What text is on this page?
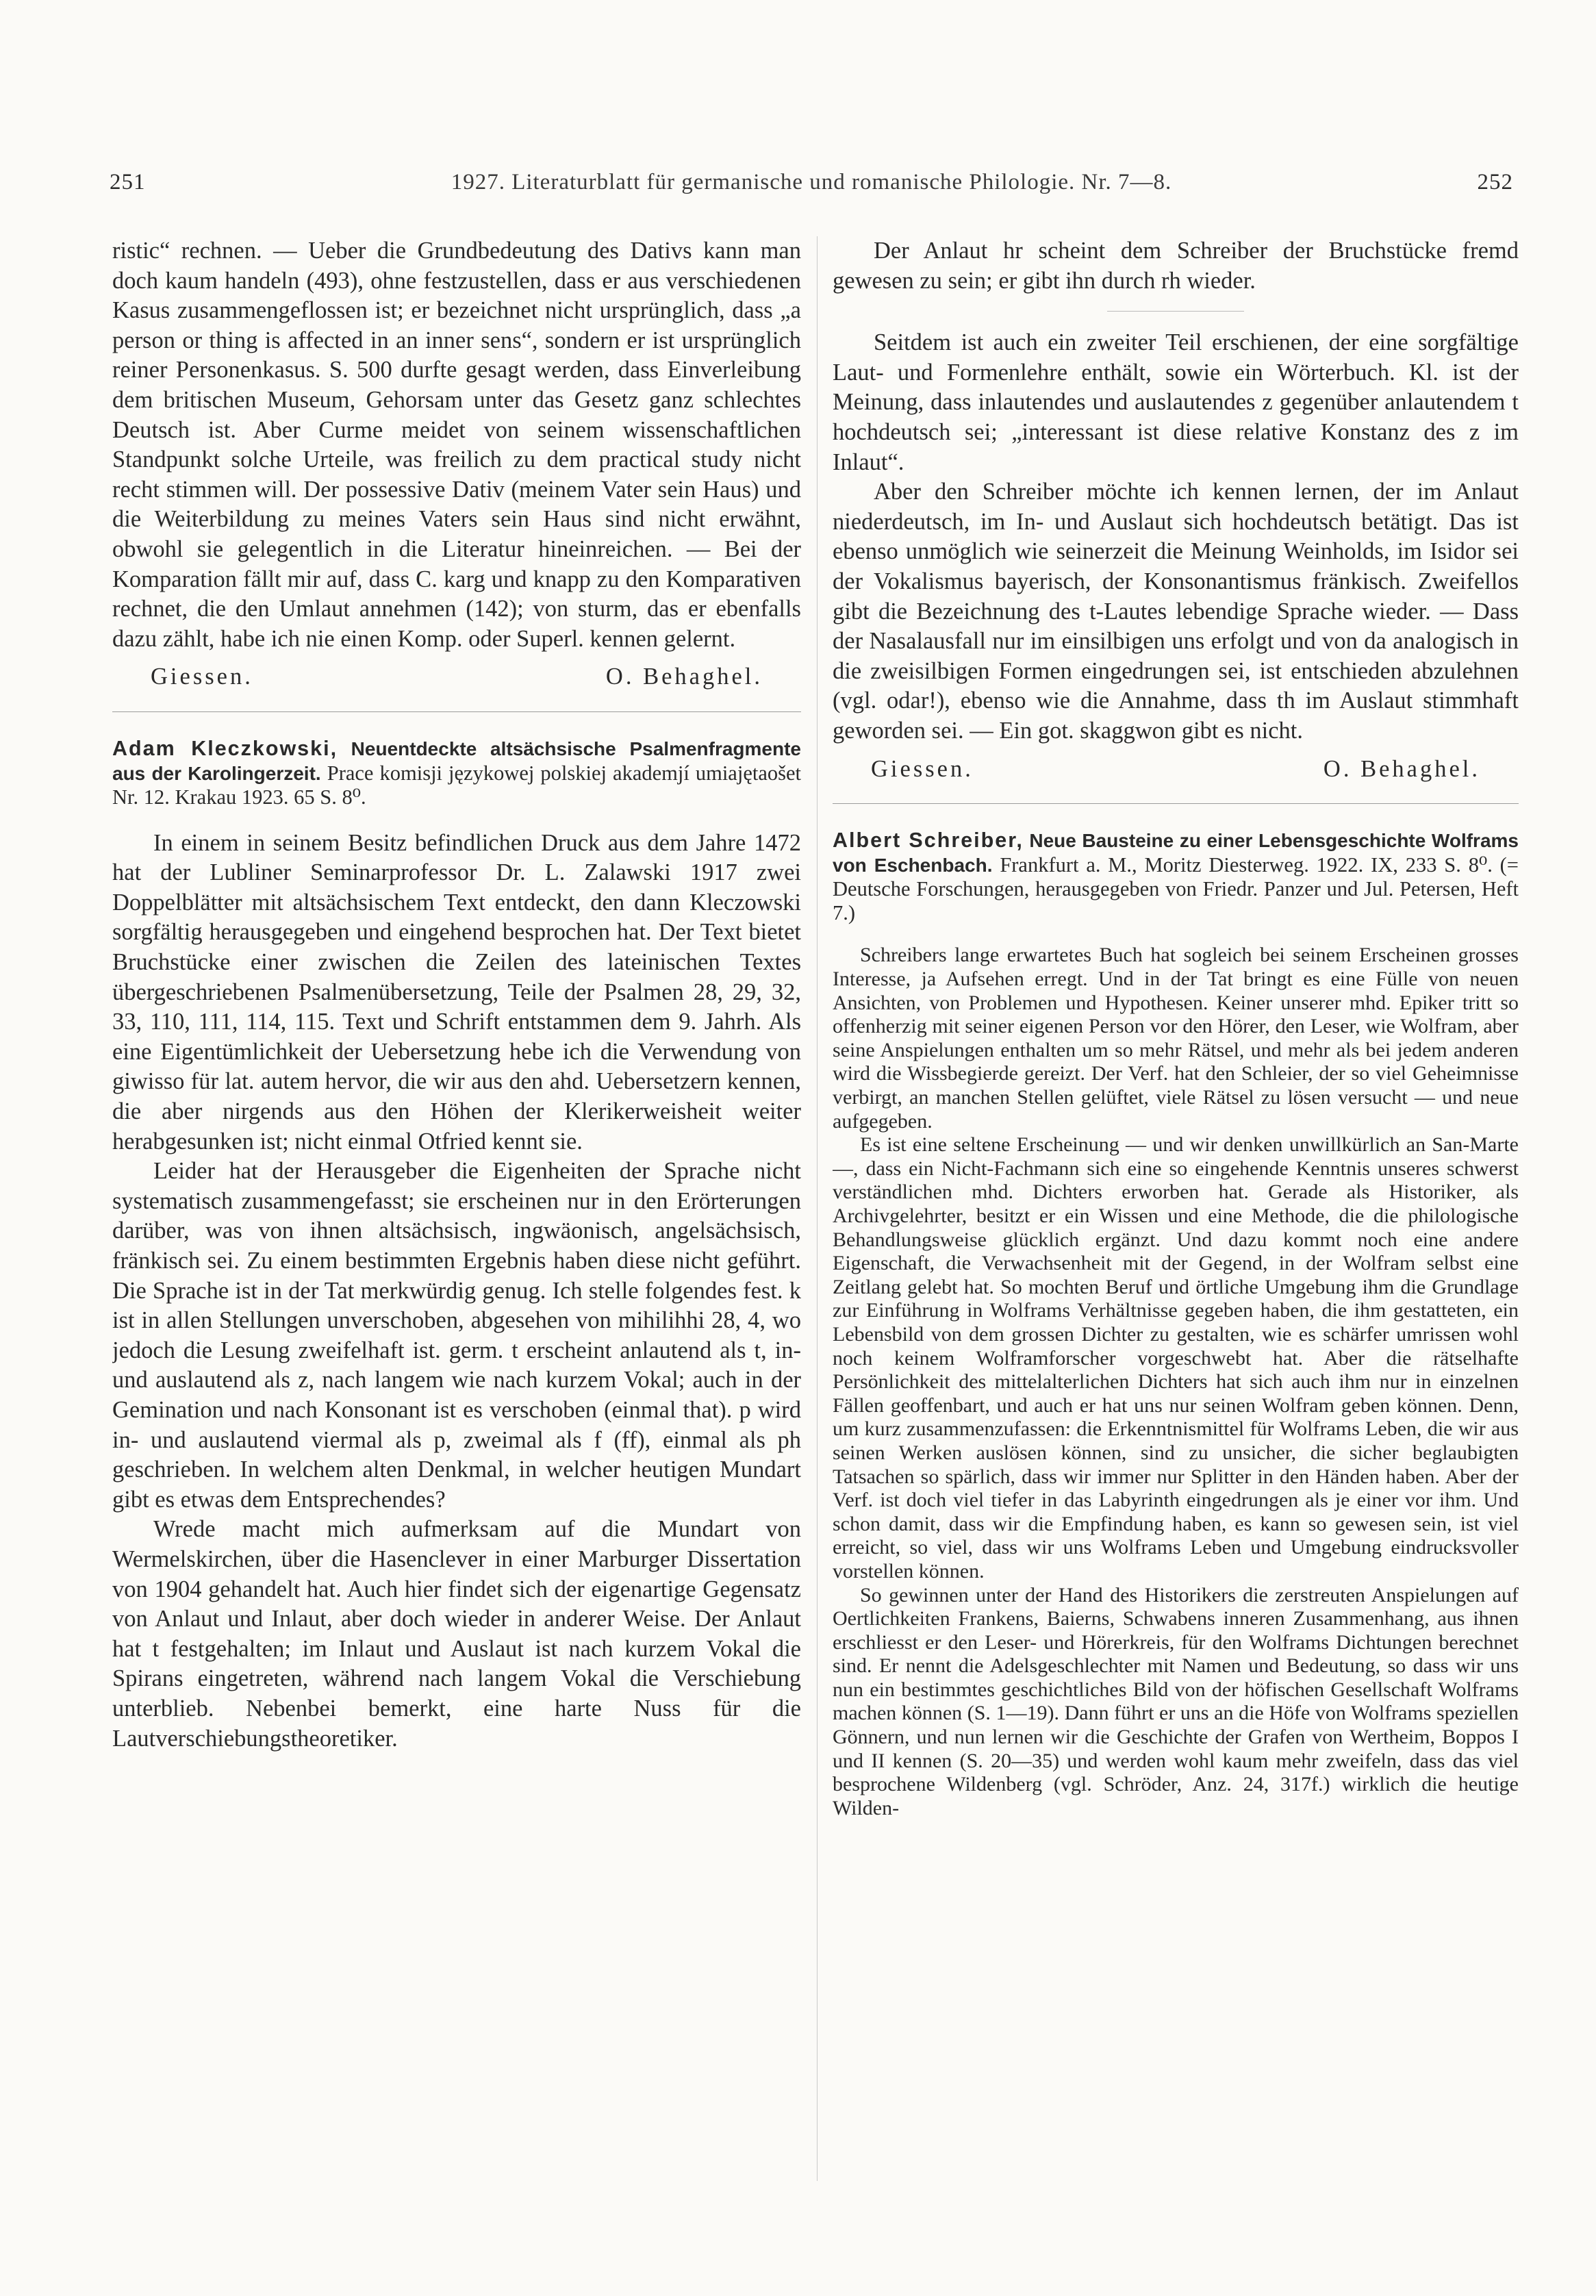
251	1927. Literaturblatt für germanische und romanische Philologie. Nr. 7—8.	252

ristic“ rechnen. — Ueber die Grundbedeutung des Dativs kann man doch kaum handeln (493), ohne festzustellen, dass er aus verschiedenen Kasus zusammengeflossen ist; er bezeichnet nicht ursprünglich, dass „a person or thing is affected in an inner sens“, sondern er ist ursprünglich reiner Personenkasus. S. 500 durfte gesagt werden, dass Einverleibung dem britischen Museum, Gehorsam unter das Gesetz ganz schlechtes Deutsch ist. Aber Curme meidet von seinem wissenschaftlichen Standpunkt solche Urteile, was freilich zu dem practical study nicht recht stimmen will. Der possessive Dativ (meinem Vater sein Haus) und die Weiterbildung zu meines Vaters sein Haus sind nicht erwähnt, obwohl sie gelegentlich in die Literatur hineinreichen. — Bei der Komparation fällt mir auf, dass C. karg und knapp zu den Komparativen rechnet, die den Umlaut annehmen (142); von sturm, das er ebenfalls dazu zählt, habe ich nie einen Komp. oder Superl. kennen gelernt.

Giessen.	O. Behaghel.

Adam Kleczkowski, Neuentdeckte altsächsische Psalmenfragmente aus der Karolingerzeit. Prace komisji językowej polskiej akademjí umiajętaošet Nr. 12. Krakau 1923. 65 S. 8⁰.

In einem in seinem Besitz befindlichen Druck aus dem Jahre 1472 hat der Lubliner Seminarprofessor Dr. L. Zalawski 1917 zwei Doppelblätter mit altsächsischem Text entdeckt, den dann Kleczowski sorgfältig herausgegeben und eingehend besprochen hat. Der Text bietet Bruchstücke einer zwischen die Zeilen des lateinischen Textes übergeschriebenen Psalmenübersetzung, Teile der Psalmen 28, 29, 32, 33, 110, 111, 114, 115. Text und Schrift entstammen dem 9. Jahrh. Als eine Eigentümlichkeit der Uebersetzung hebe ich die Verwendung von giwisso für lat. autem hervor, die wir aus den ahd. Uebersetzern kennen, die aber nirgends aus den Höhen der Klerikerweisheit weiter herabgesunken ist; nicht einmal Otfried kennt sie.

Leider hat der Herausgeber die Eigenheiten der Sprache nicht systematisch zusammengefasst; sie erscheinen nur in den Erörterungen darüber, was von ihnen altsächsisch, ingwäonisch, angelsächsisch, fränkisch sei. Zu einem bestimmten Ergebnis haben diese nicht geführt. Die Sprache ist in der Tat merkwürdig genug. Ich stelle folgendes fest. k ist in allen Stellungen unverschoben, abgesehen von mihilihhi 28, 4, wo jedoch die Lesung zweifelhaft ist. germ. t erscheint anlautend als t, in- und auslautend als z, nach langem wie nach kurzem Vokal; auch in der Gemination und nach Konsonant ist es verschoben (einmal that). p wird in- und auslautend viermal als p, zweimal als f (ff), einmal als ph geschrieben. In welchem alten Denkmal, in welcher heutigen Mundart gibt es etwas dem Entsprechendes?

Wrede macht mich aufmerksam auf die Mundart von Wermelskirchen, über die Hasenclever in einer Marburger Dissertation von 1904 gehandelt hat. Auch hier findet sich der eigenartige Gegensatz von Anlaut und Inlaut, aber doch wieder in anderer Weise. Der Anlaut hat t festgehalten; im Inlaut und Auslaut ist nach kurzem Vokal die Spirans eingetreten, während nach langem Vokal die Verschiebung unterblieb. Nebenbei bemerkt, eine harte Nuss für die Lautverschiebungstheoretiker.

Der Anlaut hr scheint dem Schreiber der Bruchstücke fremd gewesen zu sein; er gibt ihn durch rh wieder.

Seitdem ist auch ein zweiter Teil erschienen, der eine sorgfältige Laut- und Formenlehre enthält, sowie ein Wörterbuch. Kl. ist der Meinung, dass inlautendes und auslautendes z gegenüber anlautendem t hochdeutsch sei; „interessant ist diese relative Konstanz des z im Inlaut“.

Aber den Schreiber möchte ich kennen lernen, der im Anlaut niederdeutsch, im In- und Auslaut sich hochdeutsch betätigt. Das ist ebenso unmöglich wie seinerzeit die Meinung Weinholds, im Isidor sei der Vokalismus bayerisch, der Konsonantismus fränkisch. Zweifellos gibt die Bezeichnung des t-Lautes lebendige Sprache wieder. — Dass der Nasalausfall nur im einsilbigen uns erfolgt und von da analogisch in die zweisilbigen Formen eingedrungen sei, ist entschieden abzulehnen (vgl. odar!), ebenso wie die Annahme, dass th im Auslaut stimmhaft geworden sei. — Ein got. skaggwon gibt es nicht.

Giessen.	O. Behaghel.

Albert Schreiber, Neue Bausteine zu einer Lebensgeschichte Wolframs von Eschenbach. Frankfurt a. M., Moritz Diesterweg. 1922. IX, 233 S. 8⁰. (= Deutsche Forschungen, herausgegeben von Friedr. Panzer und Jul. Petersen, Heft 7.)

Schreibers lange erwartetes Buch hat sogleich bei seinem Erscheinen grosses Interesse, ja Aufsehen erregt. Und in der Tat bringt es eine Fülle von neuen Ansichten, von Problemen und Hypothesen. Keiner unserer mhd. Epiker tritt so offenherzig mit seiner eigenen Person vor den Hörer, den Leser, wie Wolfram, aber seine Anspielungen enthalten um so mehr Rätsel, und mehr als bei jedem anderen wird die Wissbegierde gereizt. Der Verf. hat den Schleier, der so viel Geheimnisse verbirgt, an manchen Stellen gelüftet, viele Rätsel zu lösen versucht — und neue aufgegeben.

Es ist eine seltene Erscheinung — und wir denken unwillkürlich an San-Marte —, dass ein Nicht-Fachmann sich eine so eingehende Kenntnis unseres schwerst verständlichen mhd. Dichters erworben hat. Gerade als Historiker, als Archivgelehrter, besitzt er ein Wissen und eine Methode, die die philologische Behandlungsweise glücklich ergänzt. Und dazu kommt noch eine andere Eigenschaft, die Verwachsenheit mit der Gegend, in der Wolfram selbst eine Zeitlang gelebt hat. So mochten Beruf und örtliche Umgebung ihm die Grundlage zur Einführung in Wolframs Verhältnisse gegeben haben, die ihm gestatteten, ein Lebensbild von dem grossen Dichter zu gestalten, wie es schärfer umrissen wohl noch keinem Wolframforscher vorgeschwebt hat. Aber die rätselhafte Persönlichkeit des mittelalterlichen Dichters hat sich auch ihm nur in einzelnen Fällen geoffenbart, und auch er hat uns nur seinen Wolfram geben können. Denn, um kurz zusammenzufassen: die Erkenntnismittel für Wolframs Leben, die wir aus seinen Werken auslösen können, sind zu unsicher, die sicher beglaubigten Tatsachen so spärlich, dass wir immer nur Splitter in den Händen haben. Aber der Verf. ist doch viel tiefer in das Labyrinth eingedrungen als je einer vor ihm. Und schon damit, dass wir die Empfindung haben, es kann so gewesen sein, ist viel erreicht, so viel, dass wir uns Wolframs Leben und Umgebung eindrucksvoller vorstellen können.

So gewinnen unter der Hand des Historikers die zerstreuten Anspielungen auf Oertlichkeiten Frankens, Baierns, Schwabens inneren Zusammenhang, aus ihnen erschliesst er den Leser- und Hörerkreis, für den Wolframs Dichtungen berechnet sind. Er nennt die Adelsgeschlechter mit Namen und Bedeutung, so dass wir uns nun ein bestimmtes geschichtliches Bild von der höfischen Gesellschaft Wolframs machen können (S. 1—19). Dann führt er uns an die Höfe von Wolframs speziellen Gönnern, und nun lernen wir die Geschichte der Grafen von Wertheim, Boppos I und II kennen (S. 20—35) und werden wohl kaum mehr zweifeln, dass das viel besprochene Wildenberg (vgl. Schröder, Anz. 24, 317f.) wirklich die heutige Wilden-
